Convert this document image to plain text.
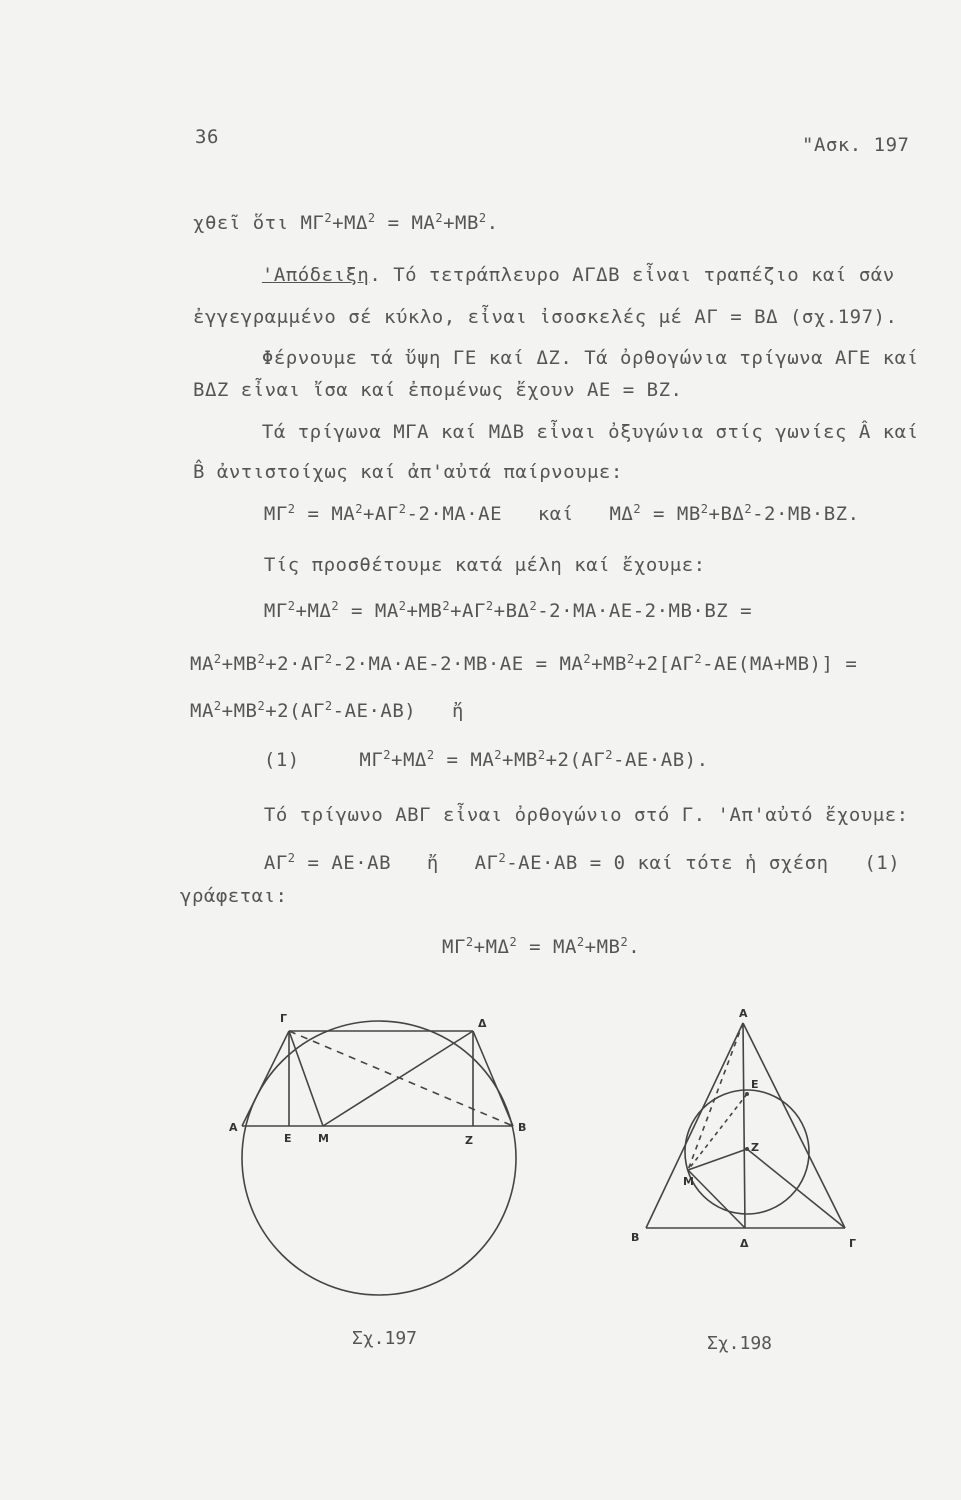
36	"Ασκ. 197
χθεῖ ὅτι $M\Gamma^2+M\Delta^2 = MA^2+MB^2$.
'Απόδειξη. Τό τετράπλευρο ΑΓΔΒ εἶναι τραπέζιο καί σάν
ἐγγεγραμμένο σέ κύκλο, εἶναι ἰσοσκελές μέ ΑΓ = ΒΔ (σχ.197).
Φέρνουμε τά ὕψη ΓΕ καί ΔΖ. Τά ὀρθογώνια τρίγωνα ΑΓΕ καί
ΒΔΖ εἶναι ἴσα καί ἐπομένως ἔχουν ΑΕ = ΒΖ.
Τά τρίγωνα ΜΓΑ καί ΜΔΒ εἶναι ὀξυγώνια στίς γωνίες Â καί
B̂ ἀντιστοίχως καί ἀπ'αὐτά παίρνουμε:
$M\Gamma^2 = MA^2+A\Gamma^2-2\cdot MA\cdot AE$   καί   $M\Delta^2 = MB^2+B\Delta^2-2\cdot MB\cdot BZ$.
Τίς προσθέτουμε κατά μέλη καί ἔχουμε:
$M\Gamma^2+M\Delta^2 = MA^2+MB^2+A\Gamma^2+B\Delta^2-2\cdot MA\cdot AE-2\cdot MB\cdot BZ$ =
$MA^2+MB^2+2\cdot A\Gamma^2-2\cdot MA\cdot AE-2\cdot MB\cdot AE = MA^2+MB^2+2[A\Gamma^2-AE(MA+MB)]$ =
$MA^2+MB^2+2(A\Gamma^2-AE\cdot AB)$   ἤ
(1)     $M\Gamma^2+M\Delta^2 = MA^2+MB^2+2(A\Gamma^2-AE\cdot AB)$.
Τό τρίγωνο ΑΒΓ εἶναι ὀρθογώνιο στό Γ. 'Απ'αὐτό ἔχουμε:
$A\Gamma^2 = AE\cdot AB$   ἤ   $A\Gamma^2-AE\cdot AB = 0$ καί τότε ἡ σχέση   (1)
γράφεται:
$M\Gamma^2+M\Delta^2 = MA^2+MB^2$.
Γ	Δ
Α
Ε Μ	Ζ
Β
Α
Ε
Ζ
Μ
Β	Δ	Γ
Σχ.197	Σχ.198
